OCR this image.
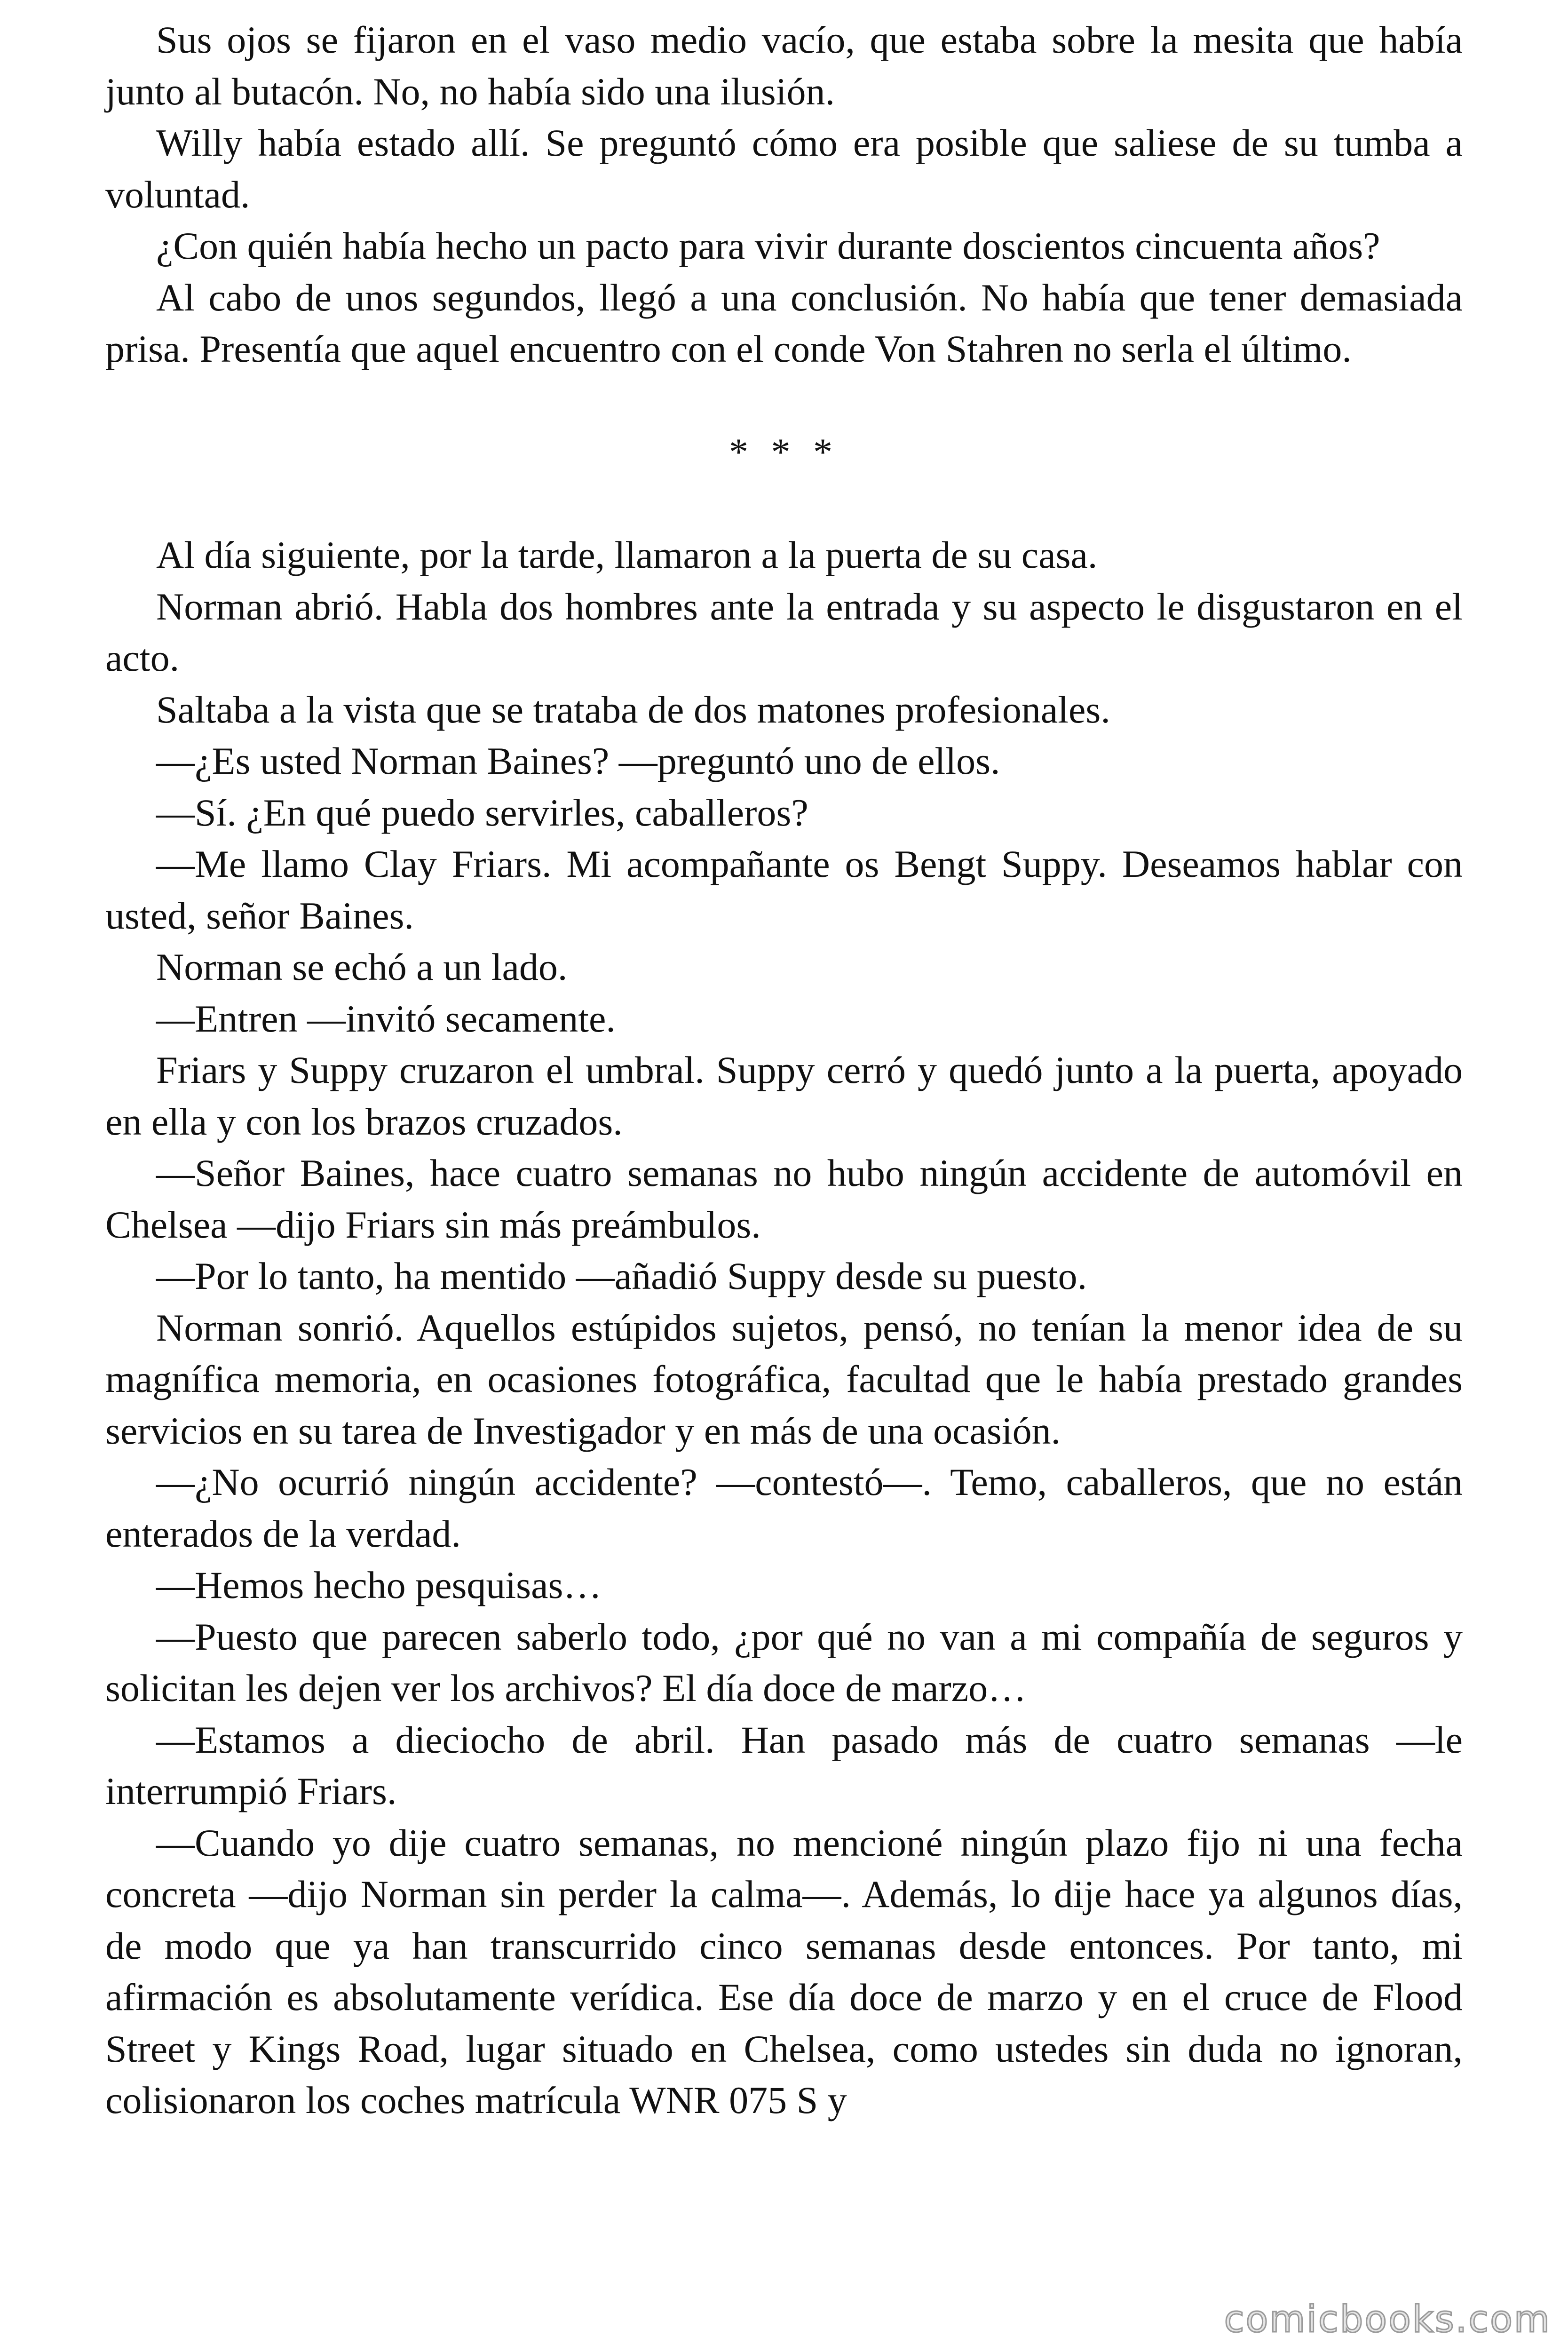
Sus ojos se fijaron en el vaso medio vacío, que estaba sobre la mesita que había junto al butacón. No, no había sido una ilusión.

Willy había estado allí. Se preguntó cómo era posible que saliese de su tumba a voluntad.

¿Con quién había hecho un pacto para vivir durante doscientos cincuenta años?

Al cabo de unos segundos, llegó a una conclusión. No había que tener demasiada prisa. Presentía que aquel encuentro con el conde Von Stahren no serla el último.

* * *

Al día siguiente, por la tarde, llamaron a la puerta de su casa.

Norman abrió. Habla dos hombres ante la entrada y su aspecto le disgustaron en el acto.

Saltaba a la vista que se trataba de dos matones profesionales.

—¿Es usted Norman Baines? —preguntó uno de ellos.

—Sí. ¿En qué puedo servirles, caballeros?

—Me llamo Clay Friars. Mi acompañante os Bengt Suppy. Deseamos hablar con usted, señor Baines.

Norman se echó a un lado.

—Entren —invitó secamente.

Friars y Suppy cruzaron el umbral. Suppy cerró y quedó junto a la puerta, apoyado en ella y con los brazos cruzados.

—Señor Baines, hace cuatro semanas no hubo ningún accidente de automóvil en Chelsea —dijo Friars sin más preámbulos.

—Por lo tanto, ha mentido —añadió Suppy desde su puesto.

Norman sonrió. Aquellos estúpidos sujetos, pensó, no tenían la menor idea de su magnífica memoria, en ocasiones fotográfica, facultad que le había prestado grandes servicios en su tarea de Investigador y en más de una ocasión.

—¿No ocurrió ningún accidente? —contestó—. Temo, caballeros, que no están enterados de la verdad.

—Hemos hecho pesquisas…

—Puesto que parecen saberlo todo, ¿por qué no van a mi compañía de seguros y solicitan les dejen ver los archivos? El día doce de marzo…

—Estamos a dieciocho de abril. Han pasado más de cuatro semanas —le interrumpió Friars.

—Cuando yo dije cuatro semanas, no mencioné ningún plazo fijo ni una fecha concreta —dijo Norman sin perder la calma—. Además, lo dije hace ya algunos días, de modo que ya han transcurrido cinco semanas desde entonces. Por tanto, mi afirmación es absolutamente verídica. Ese día doce de marzo y en el cruce de Flood Street y Kings Road, lugar situado en Chelsea, como ustedes sin duda no ignoran, colisionaron los coches matrícula WNR 075 S y

comicbooks.com
